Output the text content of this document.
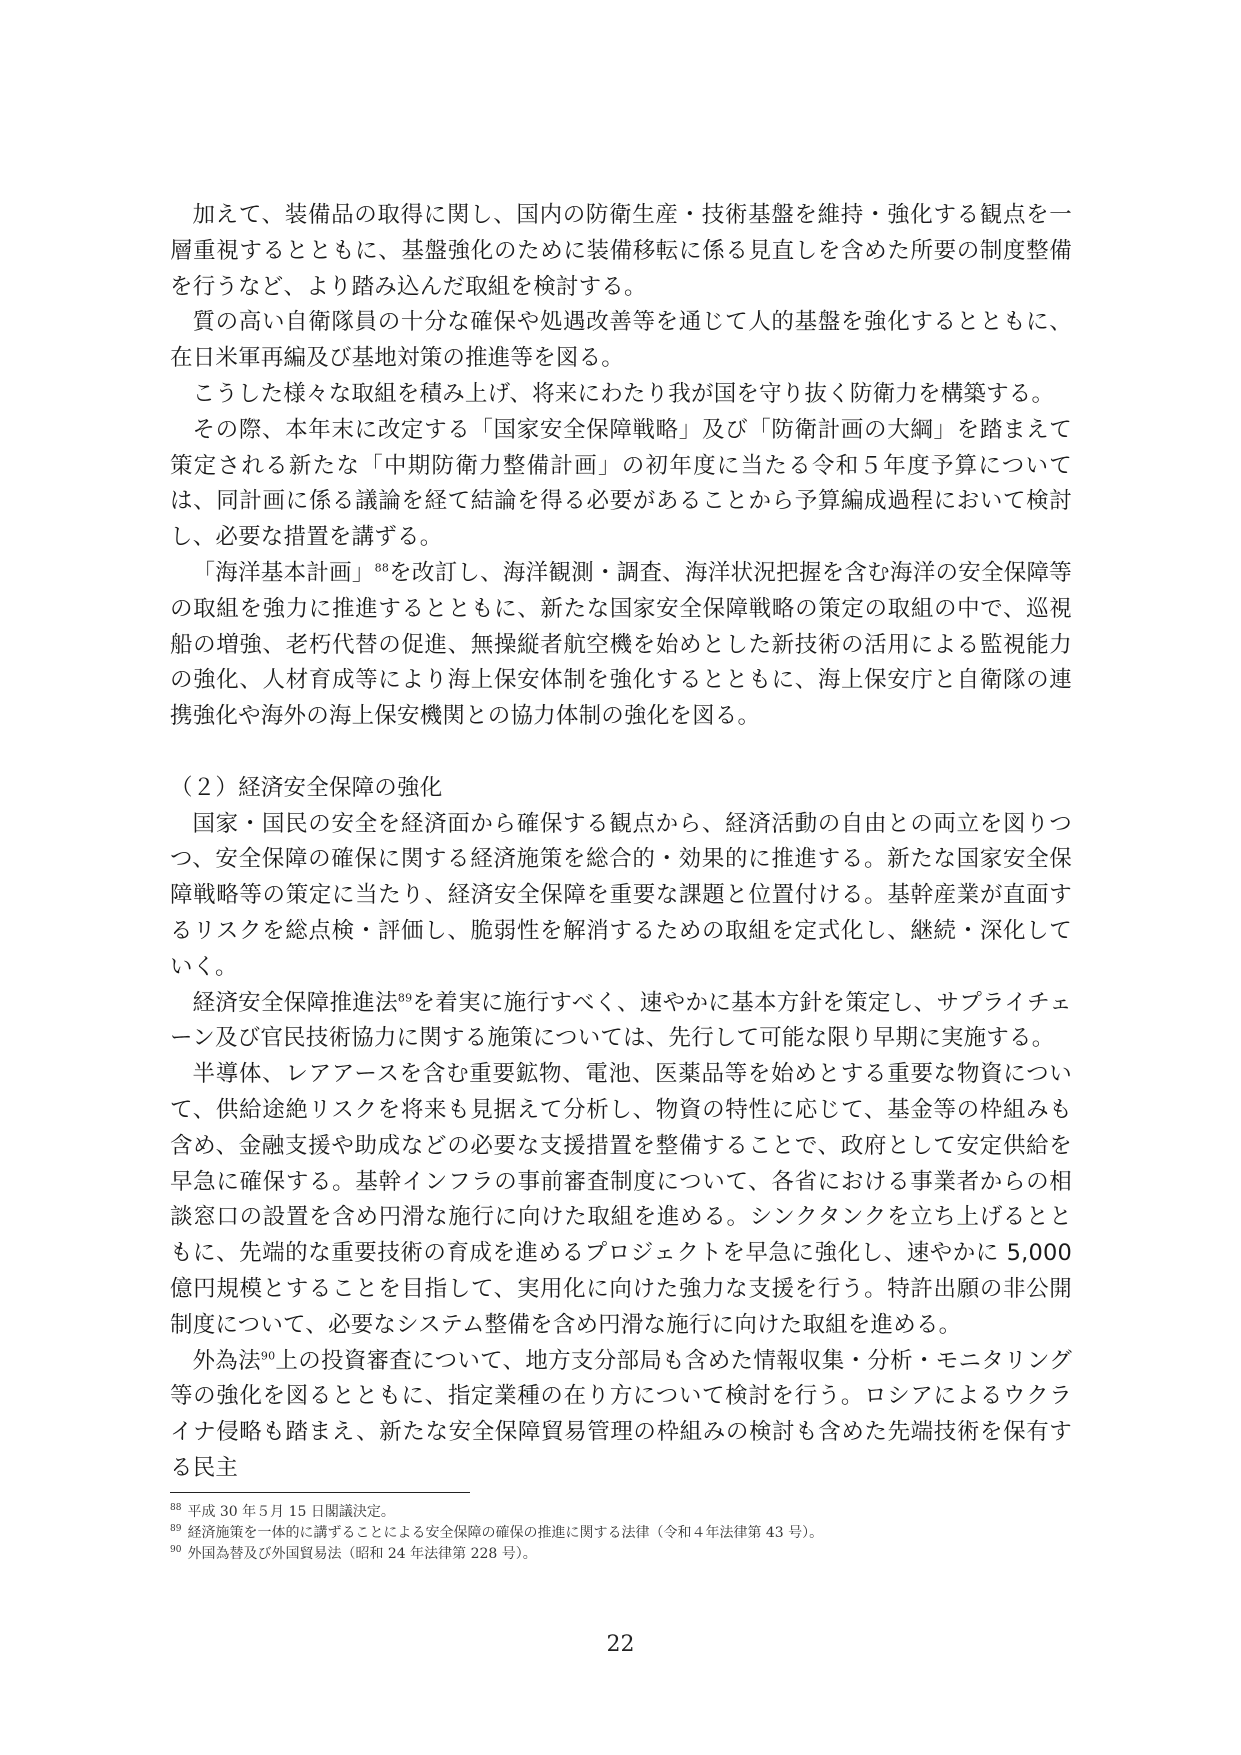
加えて、装備品の取得に関し、国内の防衛生産・技術基盤を維持・強化する観点を一層重視するとともに、基盤強化のために装備移転に係る見直しを含めた所要の制度整備を行うなど、より踏み込んだ取組を検討する。

質の高い自衛隊員の十分な確保や処遇改善等を通じて人的基盤を強化するとともに、在日米軍再編及び基地対策の推進等を図る。

こうした様々な取組を積み上げ、将来にわたり我が国を守り抜く防衛力を構築する。

その際、本年末に改定する「国家安全保障戦略」及び「防衛計画の大綱」を踏まえて策定される新たな「中期防衛力整備計画」の初年度に当たる令和５年度予算については、同計画に係る議論を経て結論を得る必要があることから予算編成過程において検討し、必要な措置を講ずる。

「海洋基本計画」$^{88}$を改訂し、海洋観測・調査、海洋状況把握を含む海洋の安全保障等の取組を強力に推進するとともに、新たな国家安全保障戦略の策定の取組の中で、巡視船の増強、老朽代替の促進、無操縦者航空機を始めとした新技術の活用による監視能力の強化、人材育成等により海上保安体制を強化するとともに、海上保安庁と自衛隊の連携強化や海外の海上保安機関との協力体制の強化を図る。

（２）経済安全保障の強化

国家・国民の安全を経済面から確保する観点から、経済活動の自由との両立を図りつつ、安全保障の確保に関する経済施策を総合的・効果的に推進する。新たな国家安全保障戦略等の策定に当たり、経済安全保障を重要な課題と位置付ける。基幹産業が直面するリスクを総点検・評価し、脆弱性を解消するための取組を定式化し、継続・深化していく。

経済安全保障推進法$^{89}$を着実に施行すべく、速やかに基本方針を策定し、サプライチェーン及び官民技術協力に関する施策については、先行して可能な限り早期に実施する。

半導体、レアアースを含む重要鉱物、電池、医薬品等を始めとする重要な物資について、供給途絶リスクを将来も見据えて分析し、物資の特性に応じて、基金等の枠組みも含め、金融支援や助成などの必要な支援措置を整備することで、政府として安定供給を早急に確保する。基幹インフラの事前審査制度について、各省における事業者からの相談窓口の設置を含め円滑な施行に向けた取組を進める。シンクタンクを立ち上げるとともに、先端的な重要技術の育成を進めるプロジェクトを早急に強化し、速やかに 5,000 億円規模とすることを目指して、実用化に向けた強力な支援を行う。特許出願の非公開制度について、必要なシステム整備を含め円滑な施行に向けた取組を進める。

外為法$^{90}$上の投資審査について、地方支分部局も含めた情報収集・分析・モニタリング等の強化を図るとともに、指定業種の在り方について検討を行う。ロシアによるウクライナ侵略も踏まえ、新たな安全保障貿易管理の枠組みの検討も含めた先端技術を保有する民主

$^{88}$ 平成 30 年５月 15 日閣議決定。

$^{89}$ 経済施策を一体的に講ずることによる安全保障の確保の推進に関する法律（令和４年法律第 43 号）。

$^{90}$ 外国為替及び外国貿易法（昭和 24 年法律第 228 号）。

22
